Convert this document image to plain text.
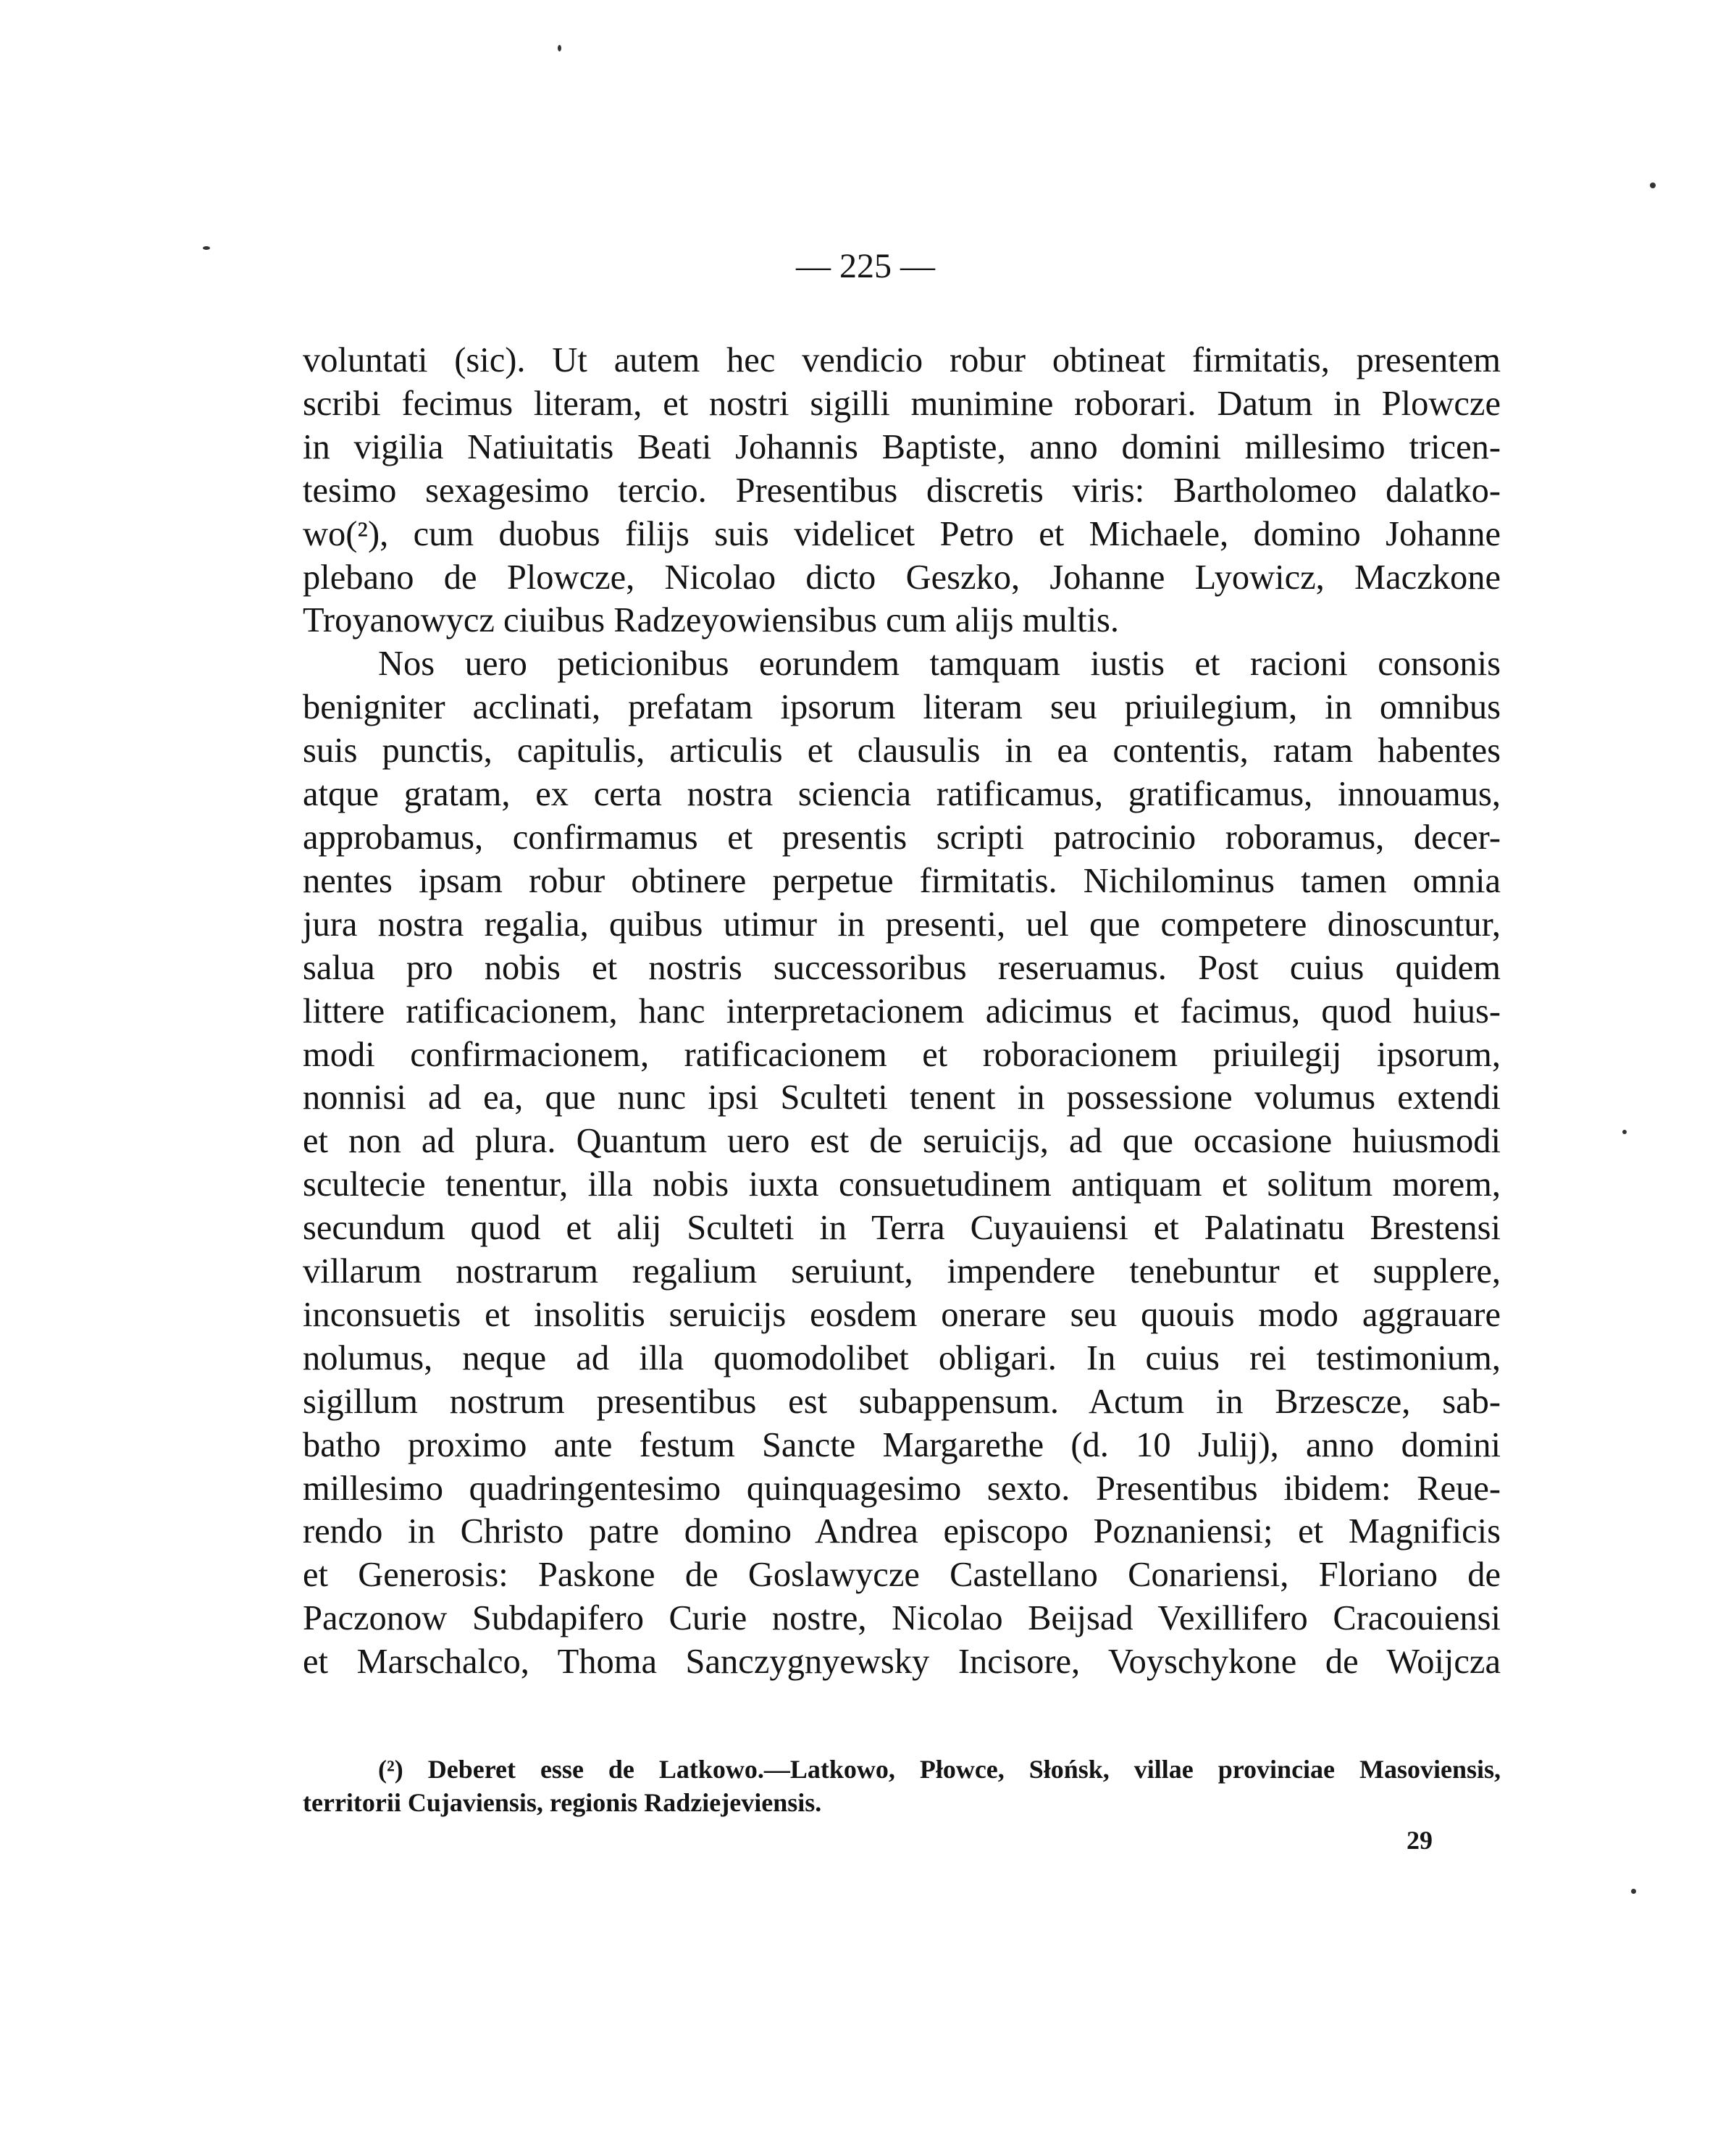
— 225 —
voluntati (sic). Ut autem hec vendicio robur obtineat firmitatis, presentem
scribi fecimus literam, et nostri sigilli munimine roborari. Datum in Plowcze
in vigilia Natiuitatis Beati Johannis Baptiste, anno domini millesimo tricen-
tesimo sexagesimo tercio. Presentibus discretis viris: Bartholomeo dalatko-
wo(²), cum duobus filijs suis videlicet Petro et Michaele, domino Johanne
plebano de Plowcze, Nicolao dicto Geszko, Johanne Lyowicz, Maczkone
Troyanowycz ciuibus Radzeyowiensibus cum alijs multis.
Nos uero peticionibus eorundem tamquam iustis et racioni consonis
benigniter acclinati, prefatam ipsorum literam seu priuilegium, in omnibus
suis punctis, capitulis, articulis et clausulis in ea contentis, ratam habentes
atque gratam, ex certa nostra sciencia ratificamus, gratificamus, innouamus,
approbamus, confirmamus et presentis scripti patrocinio roboramus, decer-
nentes ipsam robur obtinere perpetue firmitatis. Nichilominus tamen omnia
jura nostra regalia, quibus utimur in presenti, uel que competere dinoscuntur,
salua pro nobis et nostris successoribus reseruamus. Post cuius quidem
littere ratificacionem, hanc interpretacionem adicimus et facimus, quod huius-
modi confirmacionem, ratificacionem et roboracionem priuilegij ipsorum,
nonnisi ad ea, que nunc ipsi Sculteti tenent in possessione volumus extendi
et non ad plura. Quantum uero est de seruicijs, ad que occasione huiusmodi
scultecie tenentur, illa nobis iuxta consuetudinem antiquam et solitum morem,
secundum quod et alij Sculteti in Terra Cuyauiensi et Palatinatu Brestensi
villarum nostrarum regalium seruiunt, impendere tenebuntur et supplere,
inconsuetis et insolitis seruicijs eosdem onerare seu quouis modo aggrauare
nolumus, neque ad illa quomodolibet obligari. In cuius rei testimonium,
sigillum nostrum presentibus est subappensum. Actum in Brzescze, sab-
batho proximo ante festum Sancte Margarethe (d. 10 Julij), anno domini
millesimo quadringentesimo quinquagesimo sexto. Presentibus ibidem: Reue-
rendo in Christo patre domino Andrea episcopo Poznaniensi; et Magnificis
et Generosis: Paskone de Goslawycze Castellano Conariensi, Floriano de
Paczonow Subdapifero Curie nostre, Nicolao Beijsad Vexillifero Cracouiensi
et Marschalco, Thoma Sanczygnyewsky Incisore, Voyschykone de Woijcza
(²) Deberet esse de Latkowo.—Latkowo, Płowce, Słońsk, villae provinciae Masoviensis,
territorii Cujaviensis, regionis Radziejeviensis.
29
